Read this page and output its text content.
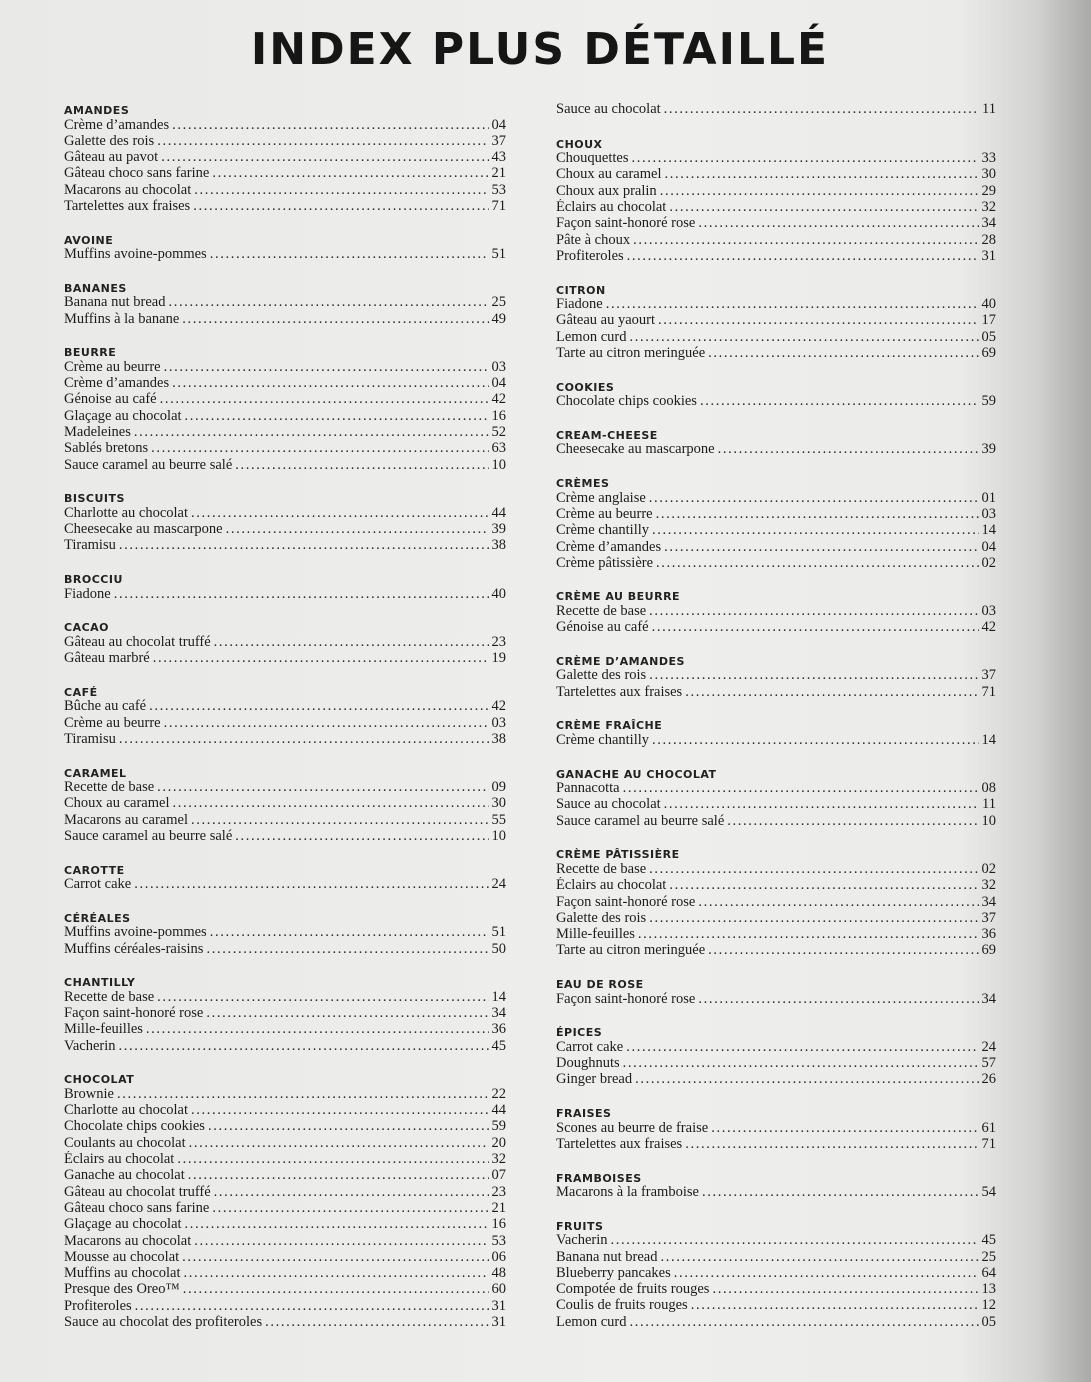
INDEX PLUS DÉTAILLÉ
AMANDES
Crème d’amandes . . .	04
Galette des rois . . .	37
Gâteau au pavot . . .	43
Gâteau choco sans farine . . .	21
Macarons au chocolat . . .	53
Tartelettes aux fraises . . .	71
AVOINE
Muffins avoine-pommes . . .	51
BANANES
Banana nut bread . . .	25
Muffins à la banane . . .	49
BEURRE
Crème au beurre . . .	03
Crème d’amandes . . .	04
Génoise au café . . .	42
Glaçage au chocolat . . .	16
Madeleines . . .	52
Sablés bretons . . .	63
Sauce caramel au beurre salé . . .	10
BISCUITS
Charlotte au chocolat . . .	44
Cheesecake au mascarpone . . .	39
Tiramisu . . .	38
BROCCIU
Fiadone . . .	40
CACAO
Gâteau au chocolat truffé . . .	23
Gâteau marbré . . .	19
CAFÉ
Bûche au café . . .	42
Crème au beurre . . .	03
Tiramisu . . .	38
CARAMEL
Recette de base . . .	09
Choux au caramel . . .	30
Macarons au caramel . . .	55
Sauce caramel au beurre salé . . .	10
CAROTTE
Carrot cake . . .	24
CÉRÉALES
Muffins avoine-pommes . . .	51
Muffins céréales-raisins . . .	50
CHANTILLY
Recette de base . . .	14
Façon saint-honoré rose . . .	34
Mille-feuilles . . .	36
Vacherin . . .	45
CHOCOLAT
Brownie . . .	22
Charlotte au chocolat . . .	44
Chocolate chips cookies . . .	59
Coulants au chocolat . . .	20
Éclairs au chocolat . . .	32
Ganache au chocolat . . .	07
Gâteau au chocolat truffé . . .	23
Gâteau choco sans farine . . .	21
Glaçage au chocolat . . .	16
Macarons au chocolat . . .	53
Mousse au chocolat . . .	06
Muffins au chocolat . . .	48
Presque des Oreo™ . . .	60
Profiteroles . . .	31
Sauce au chocolat des profiteroles . . .	31
Sauce au chocolat . . .	11
CHOUX
Chouquettes . . .	33
Choux au caramel . . .	30
Choux aux pralin . . .	29
Éclairs au chocolat . . .	32
Façon saint-honoré rose . . .	34
Pâte à choux . . .	28
Profiteroles . . .	31
CITRON
Fiadone . . .	40
Gâteau au yaourt . . .	17
Lemon curd . . .	05
Tarte au citron meringuée . . .	69
COOKIES
Chocolate chips cookies . . .	59
CREAM-CHEESE
Cheesecake au mascarpone . . .	39
CRÈMES
Crème anglaise . . .	01
Crème au beurre . . .	03
Crème chantilly . . .	14
Crème d’amandes . . .	04
Crème pâtissière . . .	02
CRÈME AU BEURRE
Recette de base . . .	03
Génoise au café . . .	42
CRÈME D’AMANDES
Galette des rois . . .	37
Tartelettes aux fraises . . .	71
CRÈME FRAÎCHE
Crème chantilly . . .	14
GANACHE AU CHOCOLAT
Pannacotta . . .	08
Sauce au chocolat . . .	11
Sauce caramel au beurre salé . . .	10
CRÈME PÂTISSIÈRE
Recette de base . . .	02
Éclairs au chocolat . . .	32
Façon saint-honoré rose . . .	34
Galette des rois . . .	37
Mille-feuilles . . .	36
Tarte au citron meringuée . . .	69
EAU DE ROSE
Façon saint-honoré rose . . .	34
ÉPICES
Carrot cake . . .	24
Doughnuts . . .	57
Ginger bread . . .	26
FRAISES
Scones au beurre de fraise . . .	61
Tartelettes aux fraises . . .	71
FRAMBOISES
Macarons à la framboise . . .	54
FRUITS
Vacherin . . .	45
Banana nut bread . . .	25
Blueberry pancakes . . .	64
Compotée de fruits rouges . . .	13
Coulis de fruits rouges . . .	12
Lemon curd . . .	05
